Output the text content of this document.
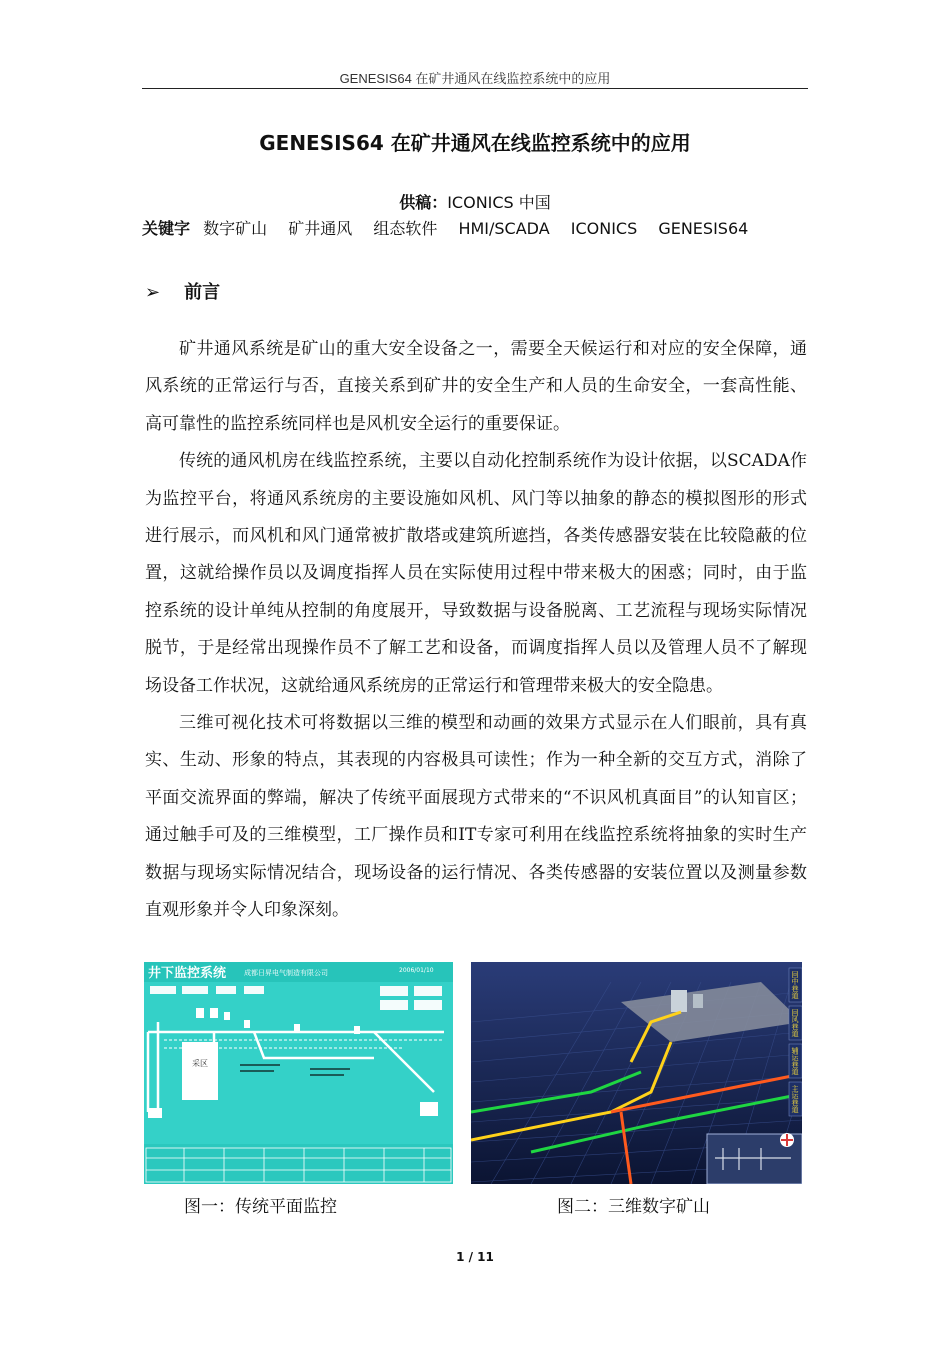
GENESIS64 在矿井通风在线监控系统中的应用
GENESIS64 在矿井通风在线监控系统中的应用
供稿：ICONICS 中国
关键字 数字矿山 矿井通风 组态软件 HMI/SCADA ICONICS GENESIS64
➢ 前言

矿井通风系统是矿山的重大安全设备之一，需要全天候运行和对应的安全保障，通风系统的正常运行与否，直接关系到矿井的安全生产和人员的生命安全，一套高性能、高可靠性的监控系统同样也是风机安全运行的重要保证。

传统的通风机房在线监控系统，主要以自动化控制系统作为设计依据，以SCADA作为监控平台，将通风系统房的主要设施如风机、风门等以抽象的静态的模拟图形的形式进行展示，而风机和风门通常被扩散塔或建筑所遮挡，各类传感器安装在比较隐蔽的位置，这就给操作员以及调度指挥人员在实际使用过程中带来极大的困惑；同时，由于监控系统的设计单纯从控制的角度展开，导致数据与设备脱离、工艺流程与现场实际情况脱节，于是经常出现操作员不了解工艺和设备，而调度指挥人员以及管理人员不了解现场设备工作状况，这就给通风系统房的正常运行和管理带来极大的安全隐患。

三维可视化技术可将数据以三维的模型和动画的效果方式显示在人们眼前，具有真实、生动、形象的特点，其表现的内容极具可读性；作为一种全新的交互方式，消除了平面交流界面的弊端，解决了传统平面展现方式带来的“不识风机真面目”的认知盲区；通过触手可及的三维模型，工厂操作员和IT专家可利用在线监控系统将抽象的实时生产数据与现场实际情况结合，现场设备的运行情况、各类传感器的安装位置以及测量参数直观形象并令人印象深刻。

井下监控系统	成都日昇电气制造有限公司	2006/01/10
采区
回中巷道
回风巷道
辅运巷道
主运巷道
图一：传统平面监控	图二：三维数字矿山
1 / 11
